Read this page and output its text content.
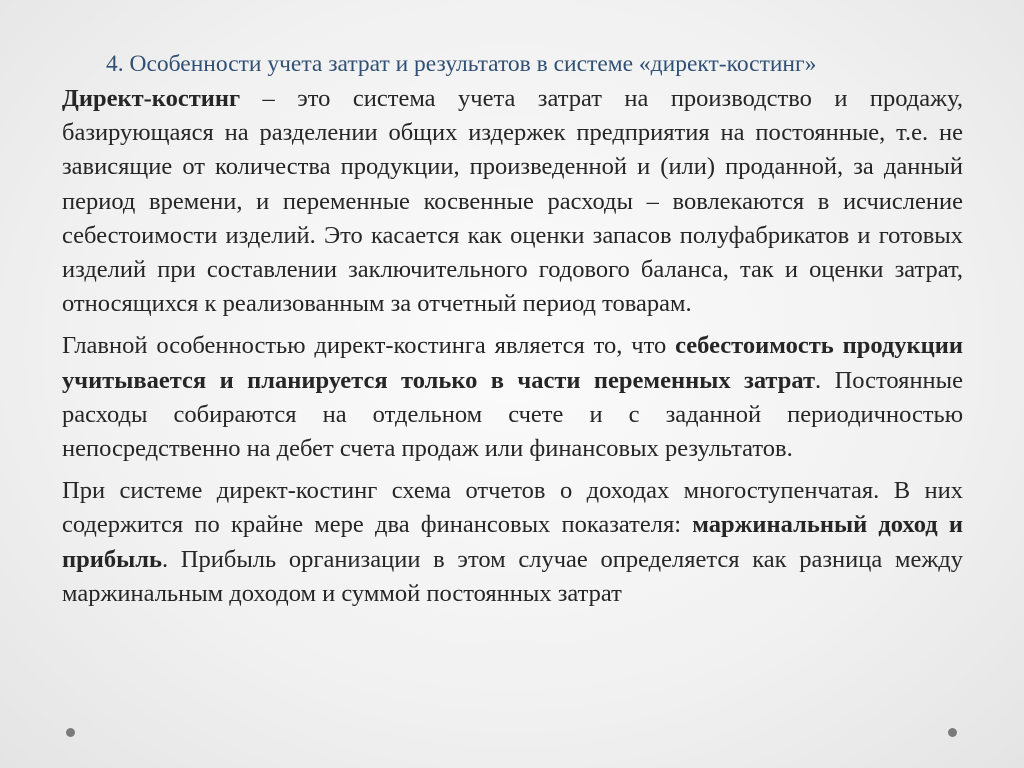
4. Особенности учета затрат и результатов в системе «директ-костинг»

Директ-костинг – это система учета затрат на производство и продажу, базирующаяся на разделении общих издержек предприятия на постоянные, т.е. не зависящие от количества продукции, произведенной и (или) проданной, за данный период времени, и переменные косвенные расходы – вовлекаются в исчисление себестоимости изделий. Это касается как оценки запасов полуфабрикатов и готовых изделий при составлении заключительного годового баланса, так и оценки затрат, относящихся к реализованным за отчетный период товарам.

Главной особенностью директ-костинга является то, что себестоимость продукции учитывается и планируется только в части переменных затрат. Постоянные расходы собираются на отдельном счете и с заданной периодичностью непосредственно на дебет счета продаж или финансовых результатов.

При системе директ-костинг схема отчетов о доходах многоступенчатая. В них содержится по крайне мере два финансовых показателя: маржинальный доход и прибыль. Прибыль организации в этом случае определяется как разница между маржинальным доходом и суммой постоянных затрат
